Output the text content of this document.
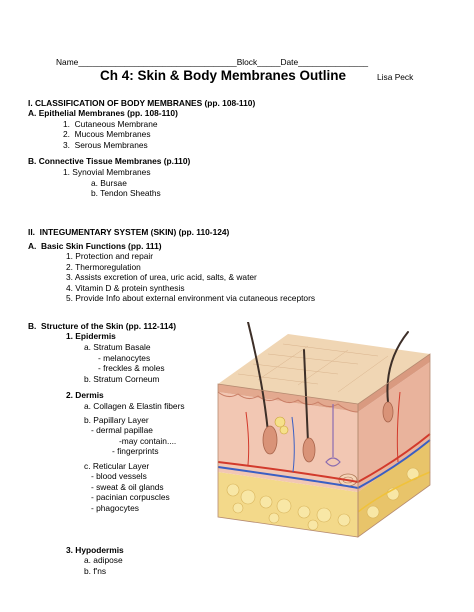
Name__________________________________Block_____Date_______________
Ch 4: Skin & Body Membranes Outline	Lisa Peck
I. CLASSIFICATION OF BODY MEMBRANES (pp. 108-110)
A. Epithelial Membranes (pp. 108-110)
1.  Cutaneous Membrane
2.  Mucous Membranes
3.  Serous Membranes
B. Connective Tissue Membranes (p.110)
1. Synovial Membranes
a. Bursae
b. Tendon Sheaths
II.  INTEGUMENTARY SYSTEM (SKIN) (pp. 110-124)
A.  Basic Skin Functions (pp. 111)
1. Protection and repair
2. Thermoregulation
3. Assists excretion of urea, uric acid, salts, & water
4. Vitamin D & protein synthesis
5. Provide Info about external environment via cutaneous receptors
B.  Structure of the Skin (pp. 112-114)
1. Epidermis
a. Stratum Basale
- melanocytes
- freckles & moles
b. Stratum Corneum
2. Dermis
a. Collagen & Elastin fibers
b. Papillary Layer
- dermal papillae
-may contain....
- fingerprints
c. Reticular Layer
- blood vessels
- sweat & oil glands
- pacinian corpuscles
- phagocytes
3. Hypodermis
a. adipose
b. f'ns
